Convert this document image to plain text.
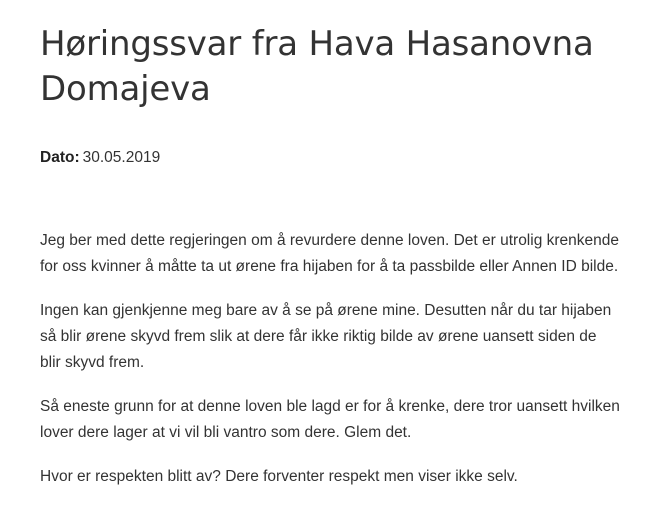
Høringssvar fra Hava Hasanovna Domajeva
Dato: 30.05.2019

Jeg ber med dette regjeringen om å revurdere denne loven. Det er utrolig krenkende for oss kvinner å måtte ta ut ørene fra hijaben for å ta passbilde eller Annen ID bilde.

Ingen kan gjenkjenne meg bare av å se på ørene mine. Desutten når du tar hijaben så blir ørene skyvd frem slik at dere får ikke riktig bilde av ørene uansett siden de blir skyvd frem.

Så eneste grunn for at denne loven ble lagd er for å krenke, dere tror uansett hvilken lover dere lager at vi vil bli vantro som dere. Glem det.

Hvor er respekten blitt av? Dere forventer respekt men viser ikke selv.
